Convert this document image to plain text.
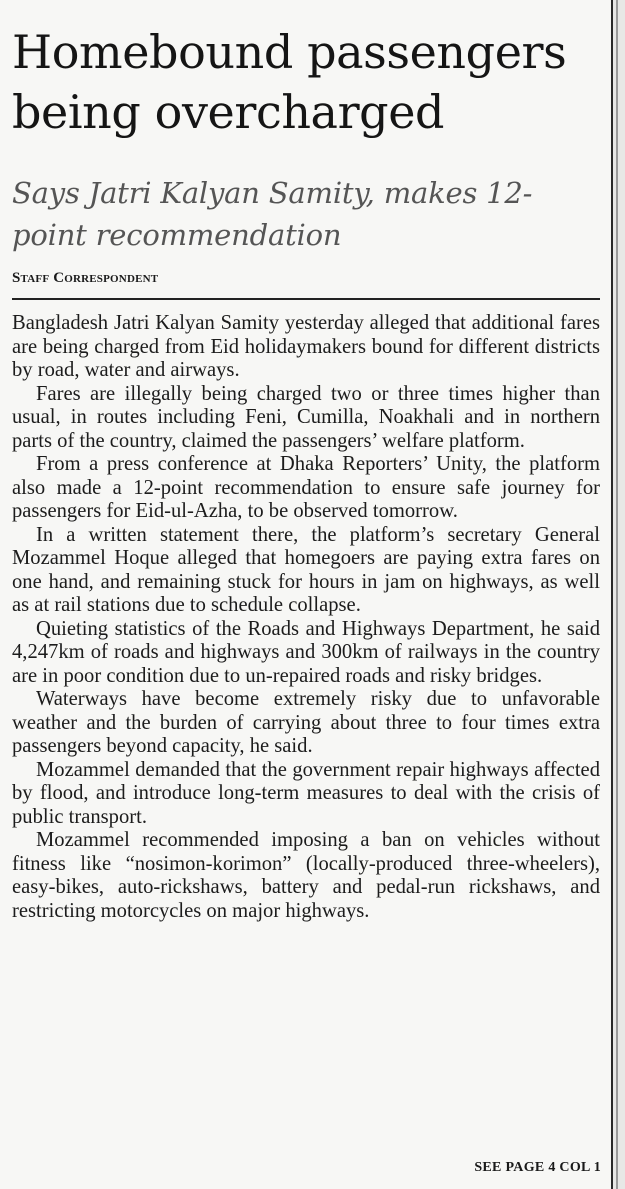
Homebound passengers being overcharged
Says Jatri Kalyan Samity, makes 12-point recommendation
Staff Correspondent

Bangladesh Jatri Kalyan Samity yesterday alleged that additional fares are being charged from Eid holidaymakers bound for different districts by road, water and airways.

Fares are illegally being charged two or three times higher than usual, in routes including Feni, Cumilla, Noakhali and in northern parts of the country, claimed the passengers’ welfare platform.

From a press conference at Dhaka Reporters’ Unity, the platform also made a 12-point recommendation to ensure safe journey for passengers for Eid-ul-Azha, to be observed tomorrow.

In a written statement there, the platform’s secretary General Mozammel Hoque alleged that homegoers are paying extra fares on one hand, and remaining stuck for hours in jam on highways, as well as at rail stations due to schedule collapse.

Quieting statistics of the Roads and Highways Department, he said 4,247km of roads and highways and 300km of railways in the country are in poor condition due to un-repaired roads and risky bridges.

Waterways have become extremely risky due to unfavorable weather and the burden of carrying about three to four times extra passengers beyond capacity, he said.

Mozammel demanded that the government repair highways affected by flood, and introduce long-term measures to deal with the crisis of public transport.

Mozammel recommended imposing a ban on vehicles without fitness like “nosimon-korimon” (locally-produced three-wheelers), easy-bikes, auto-rickshaws, battery and pedal-run rickshaws, and restricting motorcycles on major highways.

SEE PAGE 4 COL 1
